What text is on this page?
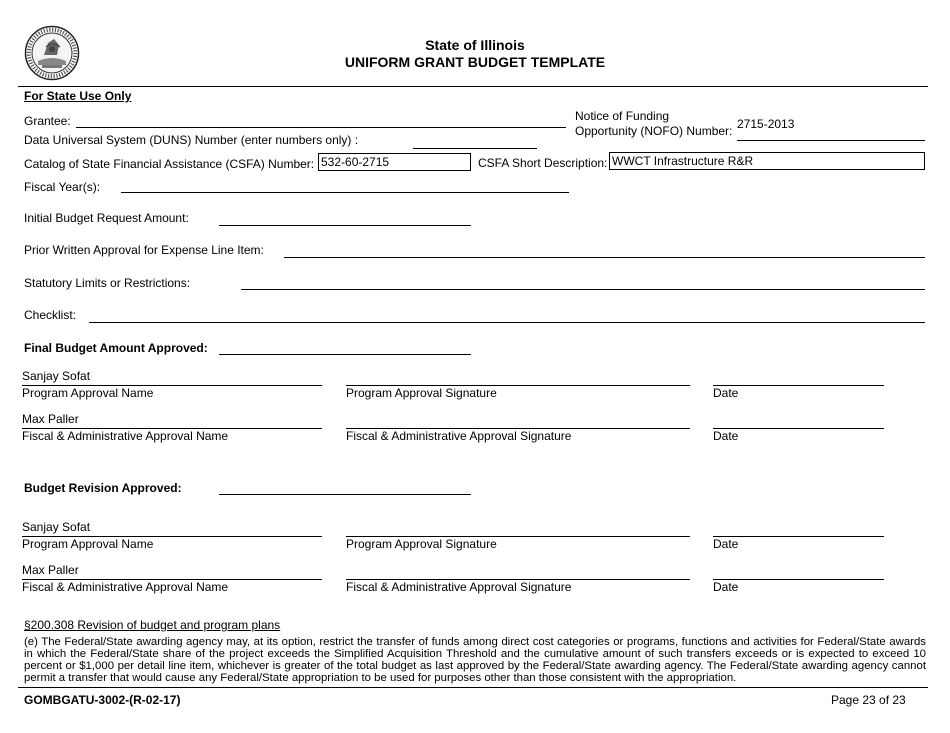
State of Illinois
UNIFORM GRANT BUDGET TEMPLATE
For State Use Only
Grantee:
Data Universal System (DUNS) Number (enter numbers only) :
Notice of Funding
Opportunity (NOFO) Number: 2715-2013
Catalog of State Financial Assistance (CSFA) Number: 532-60-2715	CSFA Short Description: WWCT Infrastructure R&R
Fiscal Year(s):
Initial Budget Request Amount:
Prior Written Approval for Expense Line Item:
Statutory Limits or Restrictions:
Checklist:
Final Budget Amount Approved:
Sanjay Sofat
Program Approval Name	Program Approval Signature	Date
Max Paller
Fiscal & Administrative Approval Name	Fiscal & Administrative Approval Signature	Date
Budget Revision Approved:
Sanjay Sofat
Program Approval Name	Program Approval Signature	Date
Max Paller
Fiscal & Administrative Approval Name	Fiscal & Administrative Approval Signature	Date
§200.308 Revision of budget and program plans
(e) The Federal/State awarding agency may, at its option, restrict the transfer of funds among direct cost categories or programs, functions and activities for Federal/State awards in which the Federal/State share of the project exceeds the Simplified Acquisition Threshold and the cumulative amount of such transfers exceeds or is expected to exceed 10 percent or $1,000 per detail line item, whichever is greater of the total budget as last approved by the Federal/State awarding agency. The Federal/State awarding agency cannot permit a transfer that would cause any Federal/State appropriation to be used for purposes other than those consistent with the appropriation.
GOMBGATU-3002-(R-02-17)	Page 23 of 23
